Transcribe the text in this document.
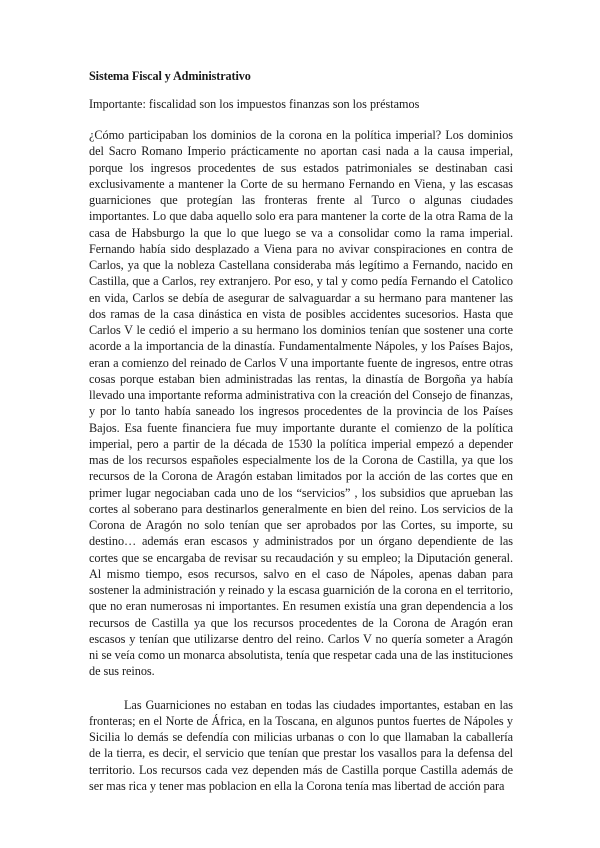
Sistema Fiscal y Administrativo

Importante: fiscalidad son los impuestos finanzas son los préstamos

¿Cómo participaban los dominios de la corona en la política imperial? Los dominios del Sacro Romano Imperio prácticamente no aportan casi nada a la causa imperial, porque los ingresos procedentes de sus estados patrimoniales se destinaban casi exclusivamente a mantener la Corte de su hermano Fernando en Viena, y las escasas guarniciones que protegían las fronteras frente al Turco o algunas ciudades importantes. Lo que daba aquello solo era para mantener la corte de la otra Rama de la casa de Habsburgo la que lo que luego se va a consolidar como la rama imperial. Fernando había sido desplazado a Viena para no avivar conspiraciones en contra de Carlos, ya que la nobleza Castellana consideraba más legítimo a Fernando, nacido en Castilla, que a Carlos, rey extranjero. Por eso, y tal y como pedía Fernando el Catolico en vida, Carlos se debía de asegurar de salvaguardar a su hermano para mantener las dos ramas de la casa dinástica en vista de posibles accidentes sucesorios. Hasta que Carlos V le cedió el imperio a su hermano los dominios tenían que sostener una corte acorde a la importancia de la dinastía. Fundamentalmente Nápoles, y los Países Bajos, eran a comienzo del reinado de Carlos V una importante fuente de ingresos, entre otras cosas porque estaban bien administradas las rentas, la dinastía de Borgoña ya había llevado una importante reforma administrativa con la creación del Consejo de finanzas, y por lo tanto había saneado los ingresos procedentes de la provincia de los Países Bajos. Esa fuente financiera fue muy importante durante el comienzo de la política imperial, pero a partir de la década de 1530 la política imperial empezó a depender mas de los recursos españoles especialmente los de la Corona de Castilla, ya que los recursos de la Corona de Aragón estaban limitados por la acción de las cortes que en primer lugar negociaban cada uno de los “servicios” , los subsidios que aprueban las cortes al soberano para destinarlos generalmente en bien del reino. Los servicios de la Corona de Aragón no solo tenían que ser aprobados por las Cortes, su importe, su destino… además eran escasos y administrados por un órgano dependiente de las cortes que se encargaba de revisar su recaudación y su empleo; la Diputación general. Al mismo tiempo, esos recursos, salvo en el caso de Nápoles, apenas daban para sostener la administración y reinado y la escasa guarnición de la corona en el territorio, que no eran numerosas ni importantes. En resumen existía una gran dependencia a los recursos de Castilla ya que los recursos procedentes de la Corona de Aragón eran escasos y tenían que utilizarse dentro del reino. Carlos V no quería someter a Aragón ni se veía como un monarca absolutista, tenía que respetar cada una de las instituciones de sus reinos.

Las Guarniciones no estaban en todas las ciudades importantes, estaban en las fronteras; en el Norte de África, en la Toscana, en algunos puntos fuertes de Nápoles y Sicilia lo demás se defendía con milicias urbanas o con lo que llamaban la caballería de la tierra, es decir, el servicio que tenían que prestar los vasallos para la defensa del territorio. Los recursos cada vez dependen más de Castilla porque Castilla además de ser mas rica y tener mas poblacion en ella la Corona tenía mas libertad de acción para
